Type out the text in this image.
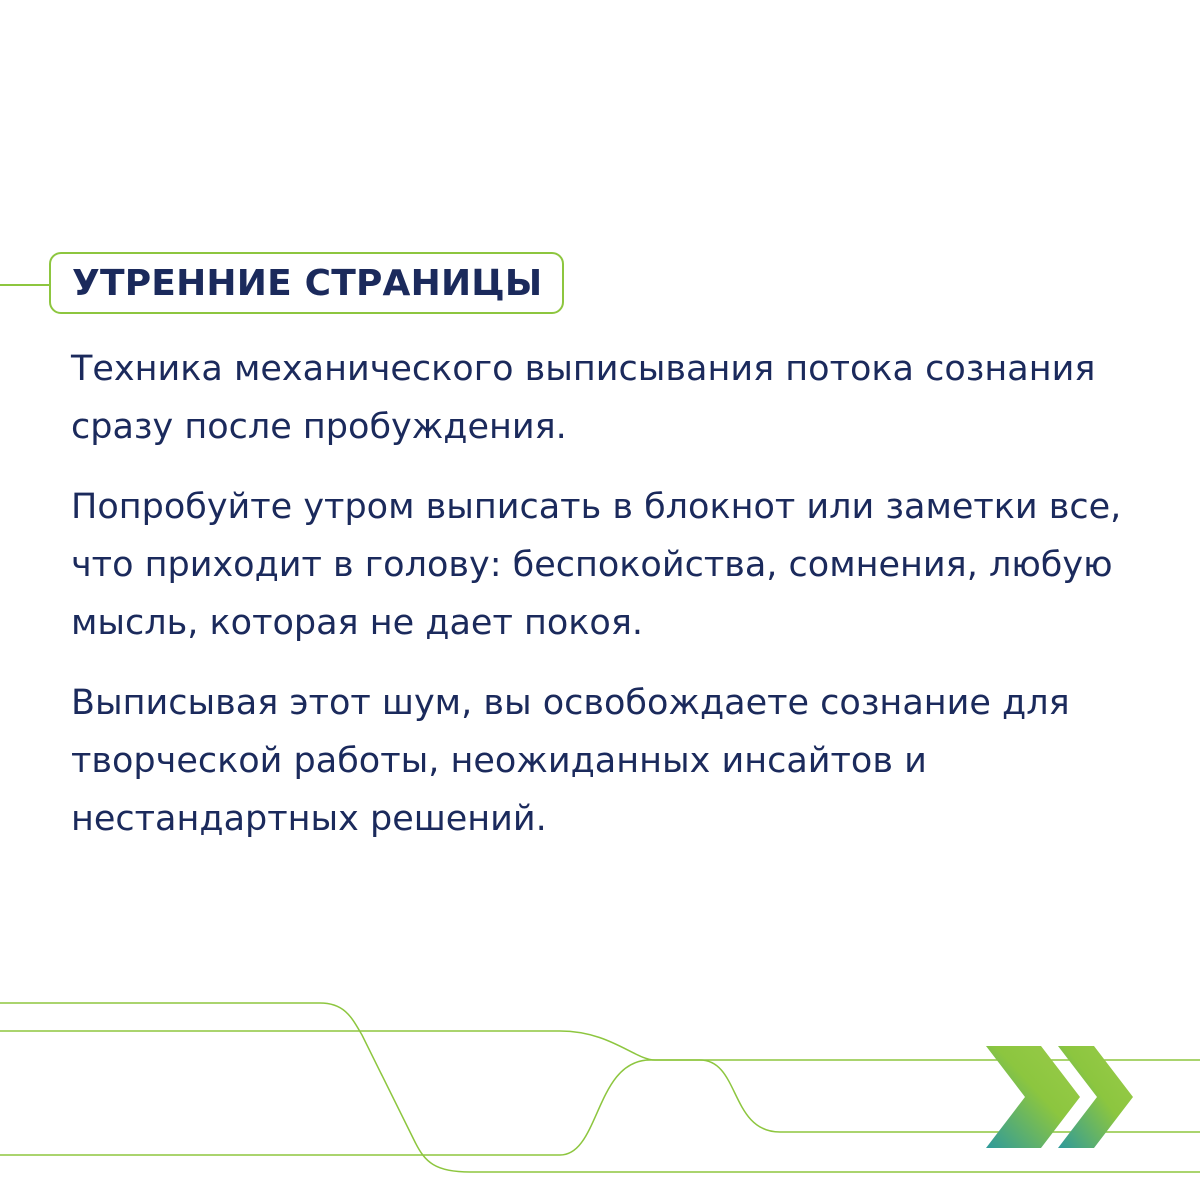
УТРЕННИЕ СТРАНИЦЫ

Техника механического выписывания потока сознания
сразу после пробуждения.

Попробуйте утром выписать в блокнот или заметки все,
что приходит в голову: беспокойства, сомнения, любую
мысль, которая не дает покоя.

Выписывая этот шум, вы освобождаете сознание для
творческой работы, неожиданных инсайтов и
нестандартных решений.
